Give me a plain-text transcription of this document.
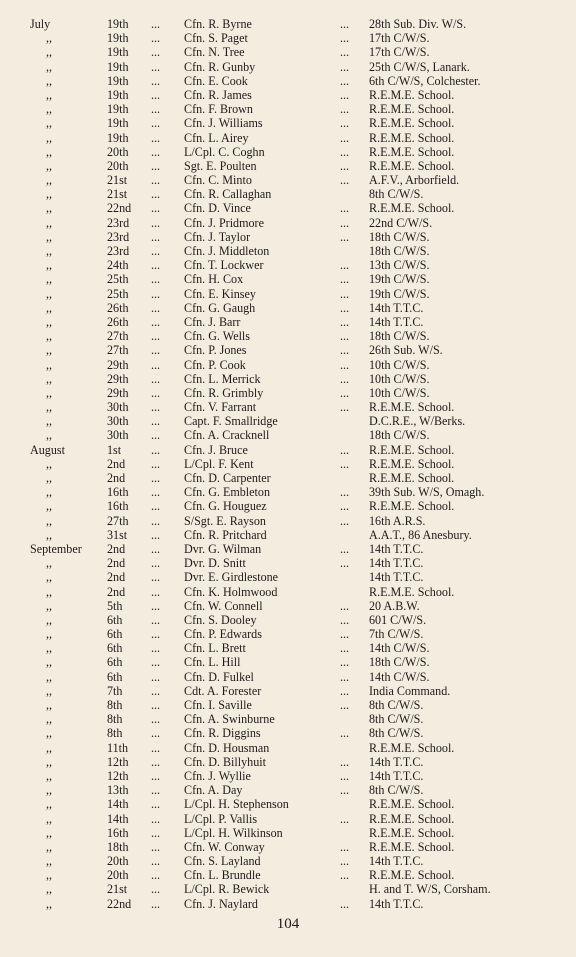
July	19th ... Cfn. R. Byrne	... 28th Sub. Div. W/S.
,,	19th ... Cfn. S. Paget	... 17th C/W/S.
,,	19th ... Cfn. N. Tree	... 17th C/W/S.
,,	19th ... Cfn. R. Gunby	... 25th C/W/S, Lanark.
,,	19th ... Cfn. E. Cook	... 6th C/W/S, Colchester.
,,	19th ... Cfn. R. James	... R.E.M.E. School.
,,	19th ... Cfn. F. Brown	... R.E.M.E. School.
,,	19th ... Cfn. J. Williams	... R.E.M.E. School.
,,	19th ... Cfn. L. Airey	... R.E.M.E. School.
,,	20th ... L/Cpl. C. Coghn	... R.E.M.E. School.
,,	20th ... Sgt. E. Poulten	... R.E.M.E. School.
,,	21st ... Cfn. C. Minto	... A.F.V., Arborfield.
,,	21st ... Cfn. R. Callaghan	8th C/W/S.
,,	22nd ... Cfn. D. Vince	... R.E.M.E. School.
,,	23rd ... Cfn. J. Pridmore	... 22nd C/W/S.
,,	23rd ... Cfn. J. Taylor	... 18th C/W/S.
,,	23rd ... Cfn. J. Middleton	18th C/W/S.
,,	24th ... Cfn. T. Lockwer	... 13th C/W/S.
,,	25th ... Cfn. H. Cox	... 19th C/W/S.
,,	25th ... Cfn. E. Kinsey	... 19th C/W/S.
,,	26th ... Cfn. G. Gaugh	... 14th T.T.C.
,,	26th ... Cfn. J. Barr	... 14th T.T.C.
,,	27th ... Cfn. G. Wells	... 18th C/W/S.
,,	27th ... Cfn. P. Jones	... 26th Sub. W/S.
,,	29th ... Cfn. P. Cook	... 10th C/W/S.
,,	29th ... Cfn. L. Merrick	... 10th C/W/S.
,,	29th ... Cfn. R. Grimbly	... 10th C/W/S.
,,	30th ... Cfn. V. Farrant	... R.E.M.E. School.
,,	30th ... Capt. F. Smallridge	D.C.R.E., W/Berks.
,,	30th ... Cfn. A. Cracknell	18th C/W/S.
August	1st ... Cfn. J. Bruce	... R.E.M.E. School.
,,	2nd ... L/Cpl. F. Kent	... R.E.M.E. School.
,,	2nd ... Cfn. D. Carpenter	R.E.M.E. School.
,,	16th ... Cfn. G. Embleton	... 39th Sub. W/S, Omagh.
,,	16th ... Cfn. G. Houguez	... R.E.M.E. School.
,,	27th ... S/Sgt. E. Rayson	... 16th A.R.S.
,,	31st ... Cfn. R. Pritchard	A.A.T., 86 Anesbury.
September 2nd ... Dvr. G. Wilman	... 14th T.T.C.
,,	2nd ... Dvr. D. Snitt	... 14th T.T.C.
,,	2nd ... Dvr. E. Girdlestone	14th T.T.C.
,,	2nd ... Cfn. K. Holmwood	R.E.M.E. School.
,,	5th ... Cfn. W. Connell	... 20 A.B.W.
,,	6th ... Cfn. S. Dooley	... 601 C/W/S.
,,	6th ... Cfn. P. Edwards	... 7th C/W/S.
,,	6th ... Cfn. L. Brett	... 14th C/W/S.
,,	6th ... Cfn. L. Hill	... 18th C/W/S.
,,	6th ... Cfn. D. Fulkel	... 14th C/W/S.
,,	7th ... Cdt. A. Forester	... India Command.
,,	8th ... Cfn. I. Saville	... 8th C/W/S.
,,	8th ... Cfn. A. Swinburne	8th C/W/S.
,,	8th ... Cfn. R. Diggins	... 8th C/W/S.
,,	11th ... Cfn. D. Housman	R.E.M.E. School.
,,	12th ... Cfn. D. Billyhuit	... 14th T.T.C.
,,	12th ... Cfn. J. Wyllie	... 14th T.T.C.
,,	13th ... Cfn. A. Day	... 8th C/W/S.
,,	14th ... L/Cpl. H. Stephenson	R.E.M.E. School.
,,	14th ... L/Cpl. P. Vallis	... R.E.M.E. School.
,,	16th ... L/Cpl. H. Wilkinson	R.E.M.E. School.
,,	18th ... Cfn. W. Conway	... R.E.M.E. School.
,,	20th ... Cfn. S. Layland	... 14th T.T.C.
,,	20th ... Cfn. L. Brundle	... R.E.M.E. School.
,,	21st ... L/Cpl. R. Bewick	H. and T. W/S, Corsham.
,,	22nd ... Cfn. J. Naylard	... 14th T.T.C.
104
